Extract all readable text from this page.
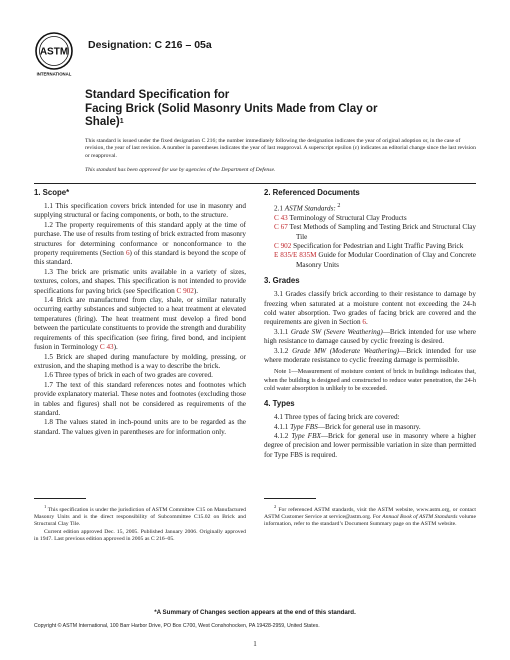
ASTM
INTERNATIONAL
Designation: C 216 – 05a
Standard Specification for
Facing Brick (Solid Masonry Units Made from Clay or
Shale)$^1$
This standard is issued under the fixed designation C 216; the number immediately following the designation indicates the year of original adoption or, in the case of revision, the year of last revision. A number in parentheses indicates the year of last reapproval. A superscript epsilon (ε) indicates an editorial change since the last revision or reapproval.
This standard has been approved for use by agencies of the Department of Defense.
1. Scope*
1.1 This specification covers brick intended for use in masonry and supplying structural or facing components, or both, to the structure.
1.2 The property requirements of this standard apply at the time of purchase. The use of results from testing of brick extracted from masonry structures for determining conformance or nonconformance to the property requirements (Section 6) of this standard is beyond the scope of this standard.
1.3 The brick are prismatic units available in a variety of sizes, textures, colors, and shapes. This specification is not intended to provide specifications for paving brick (see Specification C 902).
1.4 Brick are manufactured from clay, shale, or similar naturally occurring earthy substances and subjected to a heat treatment at elevated temperatures (firing). The heat treatment must develop a fired bond between the particulate constituents to provide the strength and durability requirements of this specification (see firing, fired bond, and incipient fusion in Terminology C 43).
1.5 Brick are shaped during manufacture by molding, pressing, or extrusion, and the shaping method is a way to describe the brick.
1.6 Three types of brick in each of two grades are covered.
1.7 The text of this standard references notes and footnotes which provide explanatory material. These notes and footnotes (excluding those in tables and figures) shall not be considered as requirements of the standard.
1.8 The values stated in inch-pound units are to be regarded as the standard. The values given in parentheses are for information only.
2. Referenced Documents
2.1 ASTM Standards: $^2$
C 43 Terminology of Structural Clay Products
C 67 Test Methods of Sampling and Testing Brick and Structural Clay Tile
C 902 Specification for Pedestrian and Light Traffic Paving Brick
E 835/E 835M Guide for Modular Coordination of Clay and Concrete Masonry Units
3. Grades
3.1 Grades classify brick according to their resistance to damage by freezing when saturated at a moisture content not exceeding the 24-h cold water absorption. Two grades of facing brick are covered and the requirements are given in Section 6.
3.1.1 Grade SW (Severe Weathering)—Brick intended for use where high resistance to damage caused by cyclic freezing is desired.
3.1.2 Grade MW (Moderate Weathering)—Brick intended for use where moderate resistance to cyclic freezing damage is permissible.
Note 1—Measurement of moisture content of brick in buildings indicates that, when the building is designed and constructed to reduce water penetration, the 24-h cold water absorption is unlikely to be exceeded.
4. Types
4.1 Three types of facing brick are covered:
4.1.1 Type FBS—Brick for general use in masonry.
4.1.2 Type FBX—Brick for general use in masonry where a higher degree of precision and lower permissible variation in size than permitted for Type FBS is required.
$^1$ This specification is under the jurisdiction of ASTM Committee C15 on Manufactured Masonry Units and is the direct responsibility of Subcommittee C15.02 on Brick and Structural Clay Tile.
Current edition approved Dec. 15, 2005. Published January 2006. Originally approved in 1947. Last previous edition approved in 2005 as C 216–05.
$^2$ For referenced ASTM standards, visit the ASTM website, www.astm.org, or contact ASTM Customer Service at service@astm.org. For Annual Book of ASTM Standards volume information, refer to the standard’s Document Summary page on the ASTM website.
*A Summary of Changes section appears at the end of this standard.
Copyright © ASTM International, 100 Barr Harbor Drive, PO Box C700, West Conshohocken, PA 19428-2959, United States.
1
